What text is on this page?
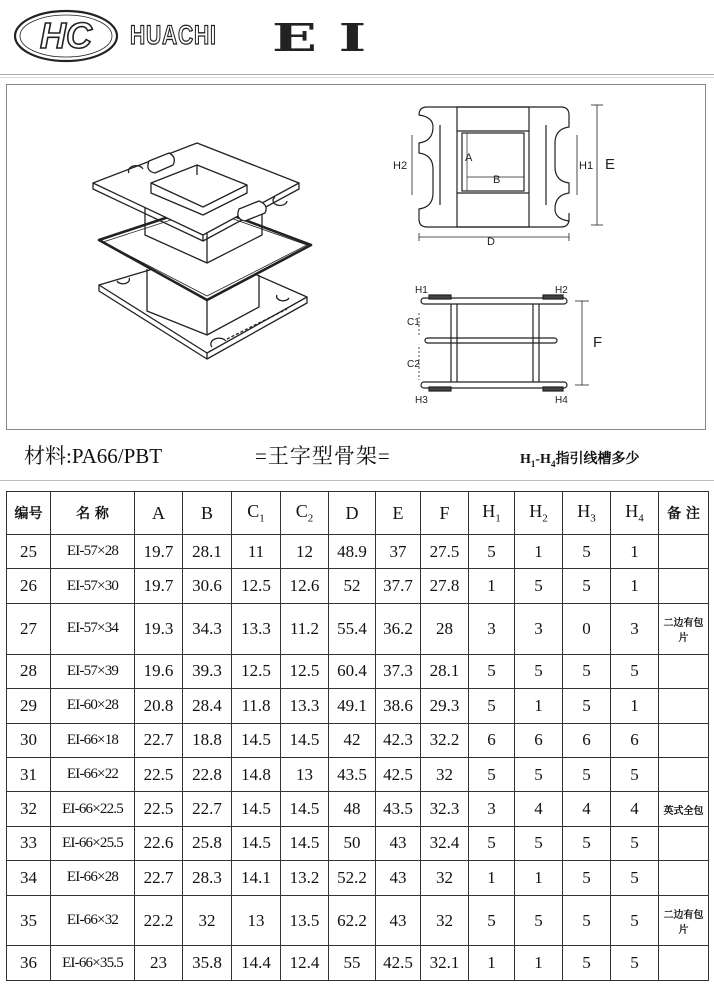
HC HUACHI EI
H2
A
B
H1 E
D
H1	H2
C1
C2
H3	H4
F
材料:PA66/PBT	=王字型骨架=	$H_1-H_4$指引线槽多少
编号	名 称	A	B	$C_1$	$C_2$	D	E	F	$H_1$	$H_2$	$H_3$	$H_4$	备 注
25	EI-57×28	19.7	28.1	11	12	48.9	37	27.5	5	1	5	1	
26	EI-57×30	19.7	30.6	12.5	12.6	52	37.7	27.8	1	5	5	1	
27	EI-57×34	19.3	34.3	13.3	11.2	55.4	36.2	28	3	3	0	3	二边有包片
28	EI-57×39	19.6	39.3	12.5	12.5	60.4	37.3	28.1	5	5	5	5	
29	EI-60×28	20.8	28.4	11.8	13.3	49.1	38.6	29.3	5	1	5	1	
30	EI-66×18	22.7	18.8	14.5	14.5	42	42.3	32.2	6	6	6	6	
31	EI-66×22	22.5	22.8	14.8	13	43.5	42.5	32	5	5	5	5	
32	EI-66×22.5	22.5	22.7	14.5	14.5	48	43.5	32.3	3	4	4	4	英式全包
33	EI-66×25.5	22.6	25.8	14.5	14.5	50	43	32.4	5	5	5	5	
34	EI-66×28	22.7	28.3	14.1	13.2	52.2	43	32	1	1	5	5	
35	EI-66×32	22.2	32	13	13.5	62.2	43	32	5	5	5	5	二边有包片
36	EI-66×35.5	23	35.8	14.4	12.4	55	42.5	32.1	1	1	5	5	
